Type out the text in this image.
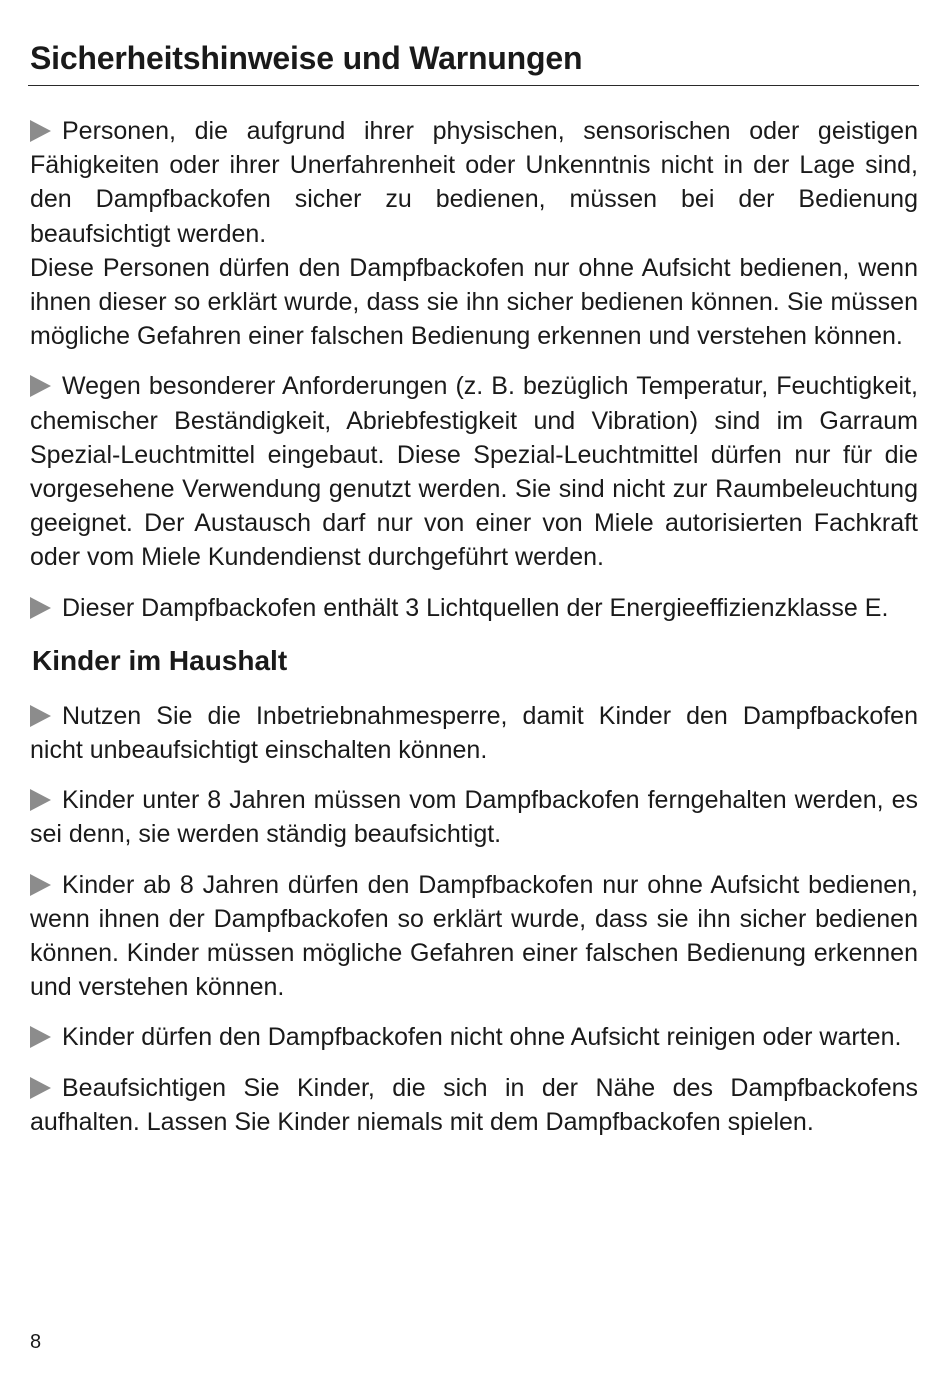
Sicherheitshinweise und Warnungen

Personen, die aufgrund ihrer physischen, sensorischen oder geistigen Fähigkeiten oder ihrer Unerfahrenheit oder Unkenntnis nicht in der Lage sind, den Dampfbackofen sicher zu bedienen, müssen bei der Bedienung beaufsichtigt werden.

Diese Personen dürfen den Dampfbackofen nur ohne Aufsicht bedienen, wenn ihnen dieser so erklärt wurde, dass sie ihn sicher bedienen können. Sie müssen mögliche Gefahren einer falschen Bedienung erkennen und verstehen können.

Wegen besonderer Anforderungen (z. B. bezüglich Temperatur, Feuchtigkeit, chemischer Beständigkeit, Abriebfestigkeit und Vibration) sind im Garraum Spezial-Leuchtmittel eingebaut. Diese Spezial-Leuchtmittel dürfen nur für die vorgesehene Verwendung genutzt werden. Sie sind nicht zur Raumbeleuchtung geeignet. Der Austausch darf nur von einer von Miele autorisierten Fachkraft oder vom Miele Kundendienst durchgeführt werden.

Dieser Dampfbackofen enthält 3 Lichtquellen der Energieeffizienzklasse E.

Kinder im Haushalt

Nutzen Sie die Inbetriebnahmesperre, damit Kinder den Dampfbackofen nicht unbeaufsichtigt einschalten können.

Kinder unter 8 Jahren müssen vom Dampfbackofen ferngehalten werden, es sei denn, sie werden ständig beaufsichtigt.

Kinder ab 8 Jahren dürfen den Dampfbackofen nur ohne Aufsicht bedienen, wenn ihnen der Dampfbackofen so erklärt wurde, dass sie ihn sicher bedienen können. Kinder müssen mögliche Gefahren einer falschen Bedienung erkennen und verstehen können.

Kinder dürfen den Dampfbackofen nicht ohne Aufsicht reinigen oder warten.

Beaufsichtigen Sie Kinder, die sich in der Nähe des Dampfbackofens aufhalten. Lassen Sie Kinder niemals mit dem Dampfbackofen spielen.

8
